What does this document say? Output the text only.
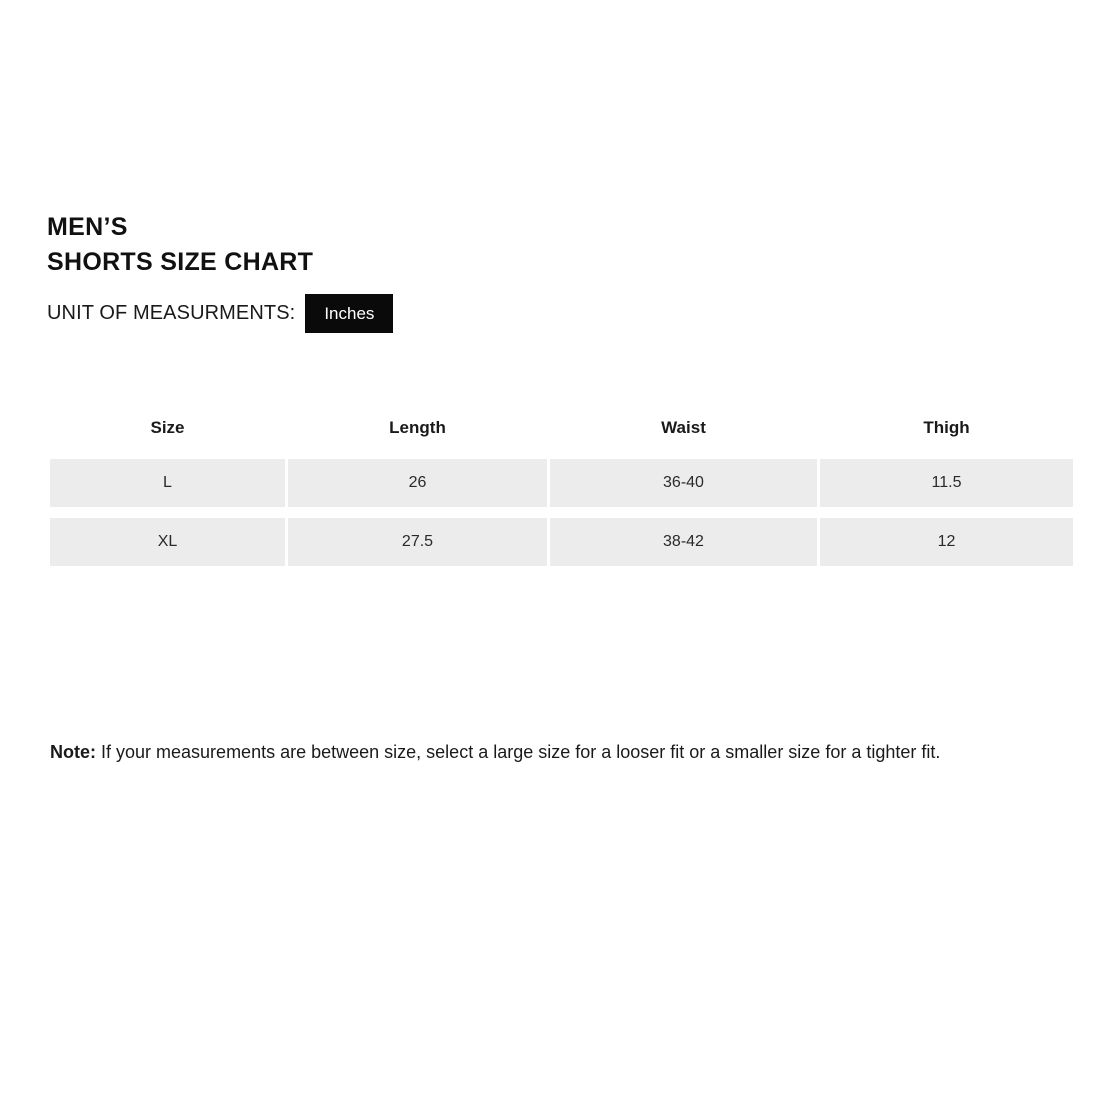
MEN’S
SHORTS SIZE CHART
UNIT OF MEASURMENTS:	Inches
Size	Length	Waist	Thigh
L	26	36-40	11.5
XL	27.5	38-42	12
Note: If your measurements are between size, select a large size for a looser fit or a smaller size for a tighter fit.
